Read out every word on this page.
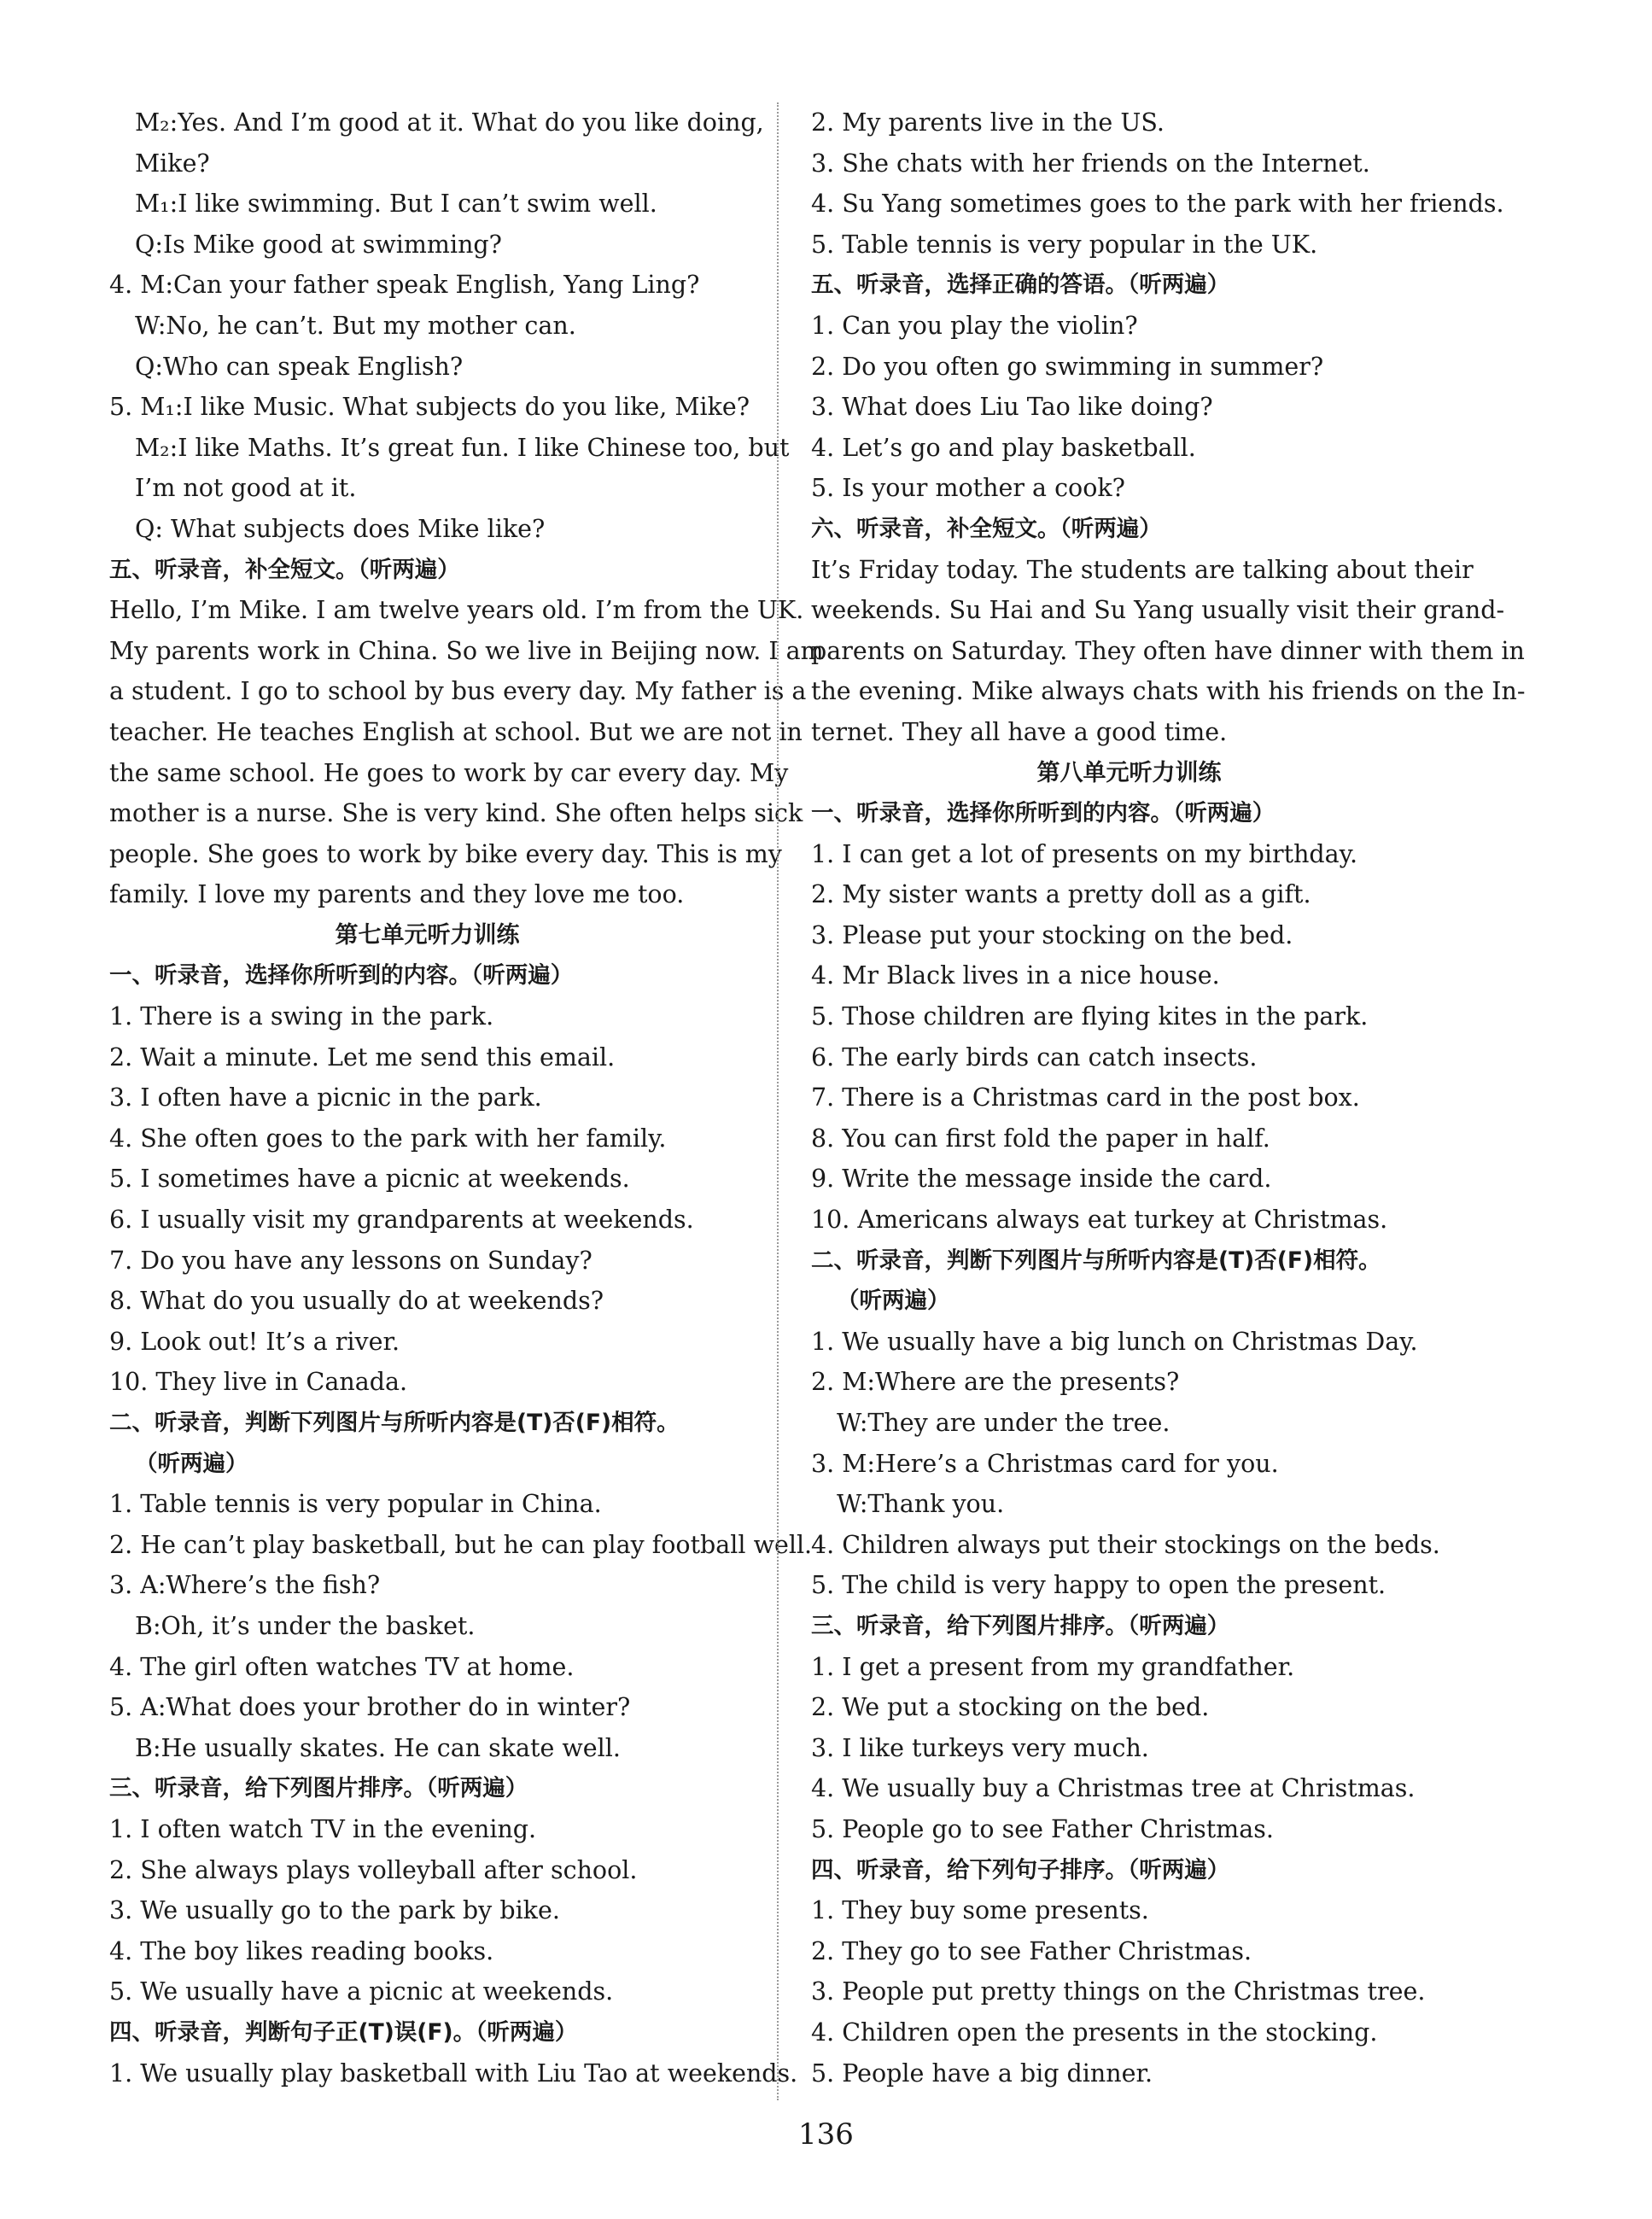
M₂:Yes. And I’m good at it. What do you like doing,
Mike?
M₁:I like swimming. But I can’t swim well.
Q:Is Mike good at swimming?
4. M:Can your father speak English, Yang Ling?
W:No, he can’t. But my mother can.
Q:Who can speak English?
5. M₁:I like Music. What subjects do you like, Mike?
M₂:I like Maths. It’s great fun. I like Chinese too, but
I’m not good at it.
Q: What subjects does Mike like?
五、听录音，补全短文。（听两遍）
Hello, I’m Mike. I am twelve years old. I’m from the UK.
My parents work in China. So we live in Beijing now. I am
a student. I go to school by bus every day. My father is a
teacher. He teaches English at school. But we are not in
the same school. He goes to work by car every day. My
mother is a nurse. She is very kind. She often helps sick
people. She goes to work by bike every day. This is my
family. I love my parents and they love me too.
第七单元听力训练
一、听录音，选择你所听到的内容。（听两遍）
1. There is a swing in the park.
2. Wait a minute. Let me send this email.
3. I often have a picnic in the park.
4. She often goes to the park with her family.
5. I sometimes have a picnic at weekends.
6. I usually visit my grandparents at weekends.
7. Do you have any lessons on Sunday?
8. What do you usually do at weekends?
9. Look out! It’s a river.
10. They live in Canada.
二、听录音，判断下列图片与所听内容是(T)否(F)相符。
（听两遍）
1. Table tennis is very popular in China.
2. He can’t play basketball, but he can play football well.
3. A:Where’s the fish?
B:Oh, it’s under the basket.
4. The girl often watches TV at home.
5. A:What does your brother do in winter?
B:He usually skates. He can skate well.
三、听录音，给下列图片排序。（听两遍）
1. I often watch TV in the evening.
2. She always plays volleyball after school.
3. We usually go to the park by bike.
4. The boy likes reading books.
5. We usually have a picnic at weekends.
四、听录音，判断句子正(T)误(F)。（听两遍）
1. We usually play basketball with Liu Tao at weekends.
2. My parents live in the US.
3. She chats with her friends on the Internet.
4. Su Yang sometimes goes to the park with her friends.
5. Table tennis is very popular in the UK.
五、听录音，选择正确的答语。（听两遍）
1. Can you play the violin?
2. Do you often go swimming in summer?
3. What does Liu Tao like doing?
4. Let’s go and play basketball.
5. Is your mother a cook?
六、听录音，补全短文。（听两遍）
It’s Friday today. The students are talking about their
weekends. Su Hai and Su Yang usually visit their grand-
parents on Saturday. They often have dinner with them in
the evening. Mike always chats with his friends on the In-
ternet. They all have a good time.
第八单元听力训练
一、听录音，选择你所听到的内容。（听两遍）
1. I can get a lot of presents on my birthday.
2. My sister wants a pretty doll as a gift.
3. Please put your stocking on the bed.
4. Mr Black lives in a nice house.
5. Those children are flying kites in the park.
6. The early birds can catch insects.
7. There is a Christmas card in the post box.
8. You can first fold the paper in half.
9. Write the message inside the card.
10. Americans always eat turkey at Christmas.
二、听录音，判断下列图片与所听内容是(T)否(F)相符。
（听两遍）
1. We usually have a big lunch on Christmas Day.
2. M:Where are the presents?
W:They are under the tree.
3. M:Here’s a Christmas card for you.
W:Thank you.
4. Children always put their stockings on the beds.
5. The child is very happy to open the present.
三、听录音，给下列图片排序。（听两遍）
1. I get a present from my grandfather.
2. We put a stocking on the bed.
3. I like turkeys very much.
4. We usually buy a Christmas tree at Christmas.
5. People go to see Father Christmas.
四、听录音，给下列句子排序。（听两遍）
1. They buy some presents.
2. They go to see Father Christmas.
3. People put pretty things on the Christmas tree.
4. Children open the presents in the stocking.
5. People have a big dinner.
136
